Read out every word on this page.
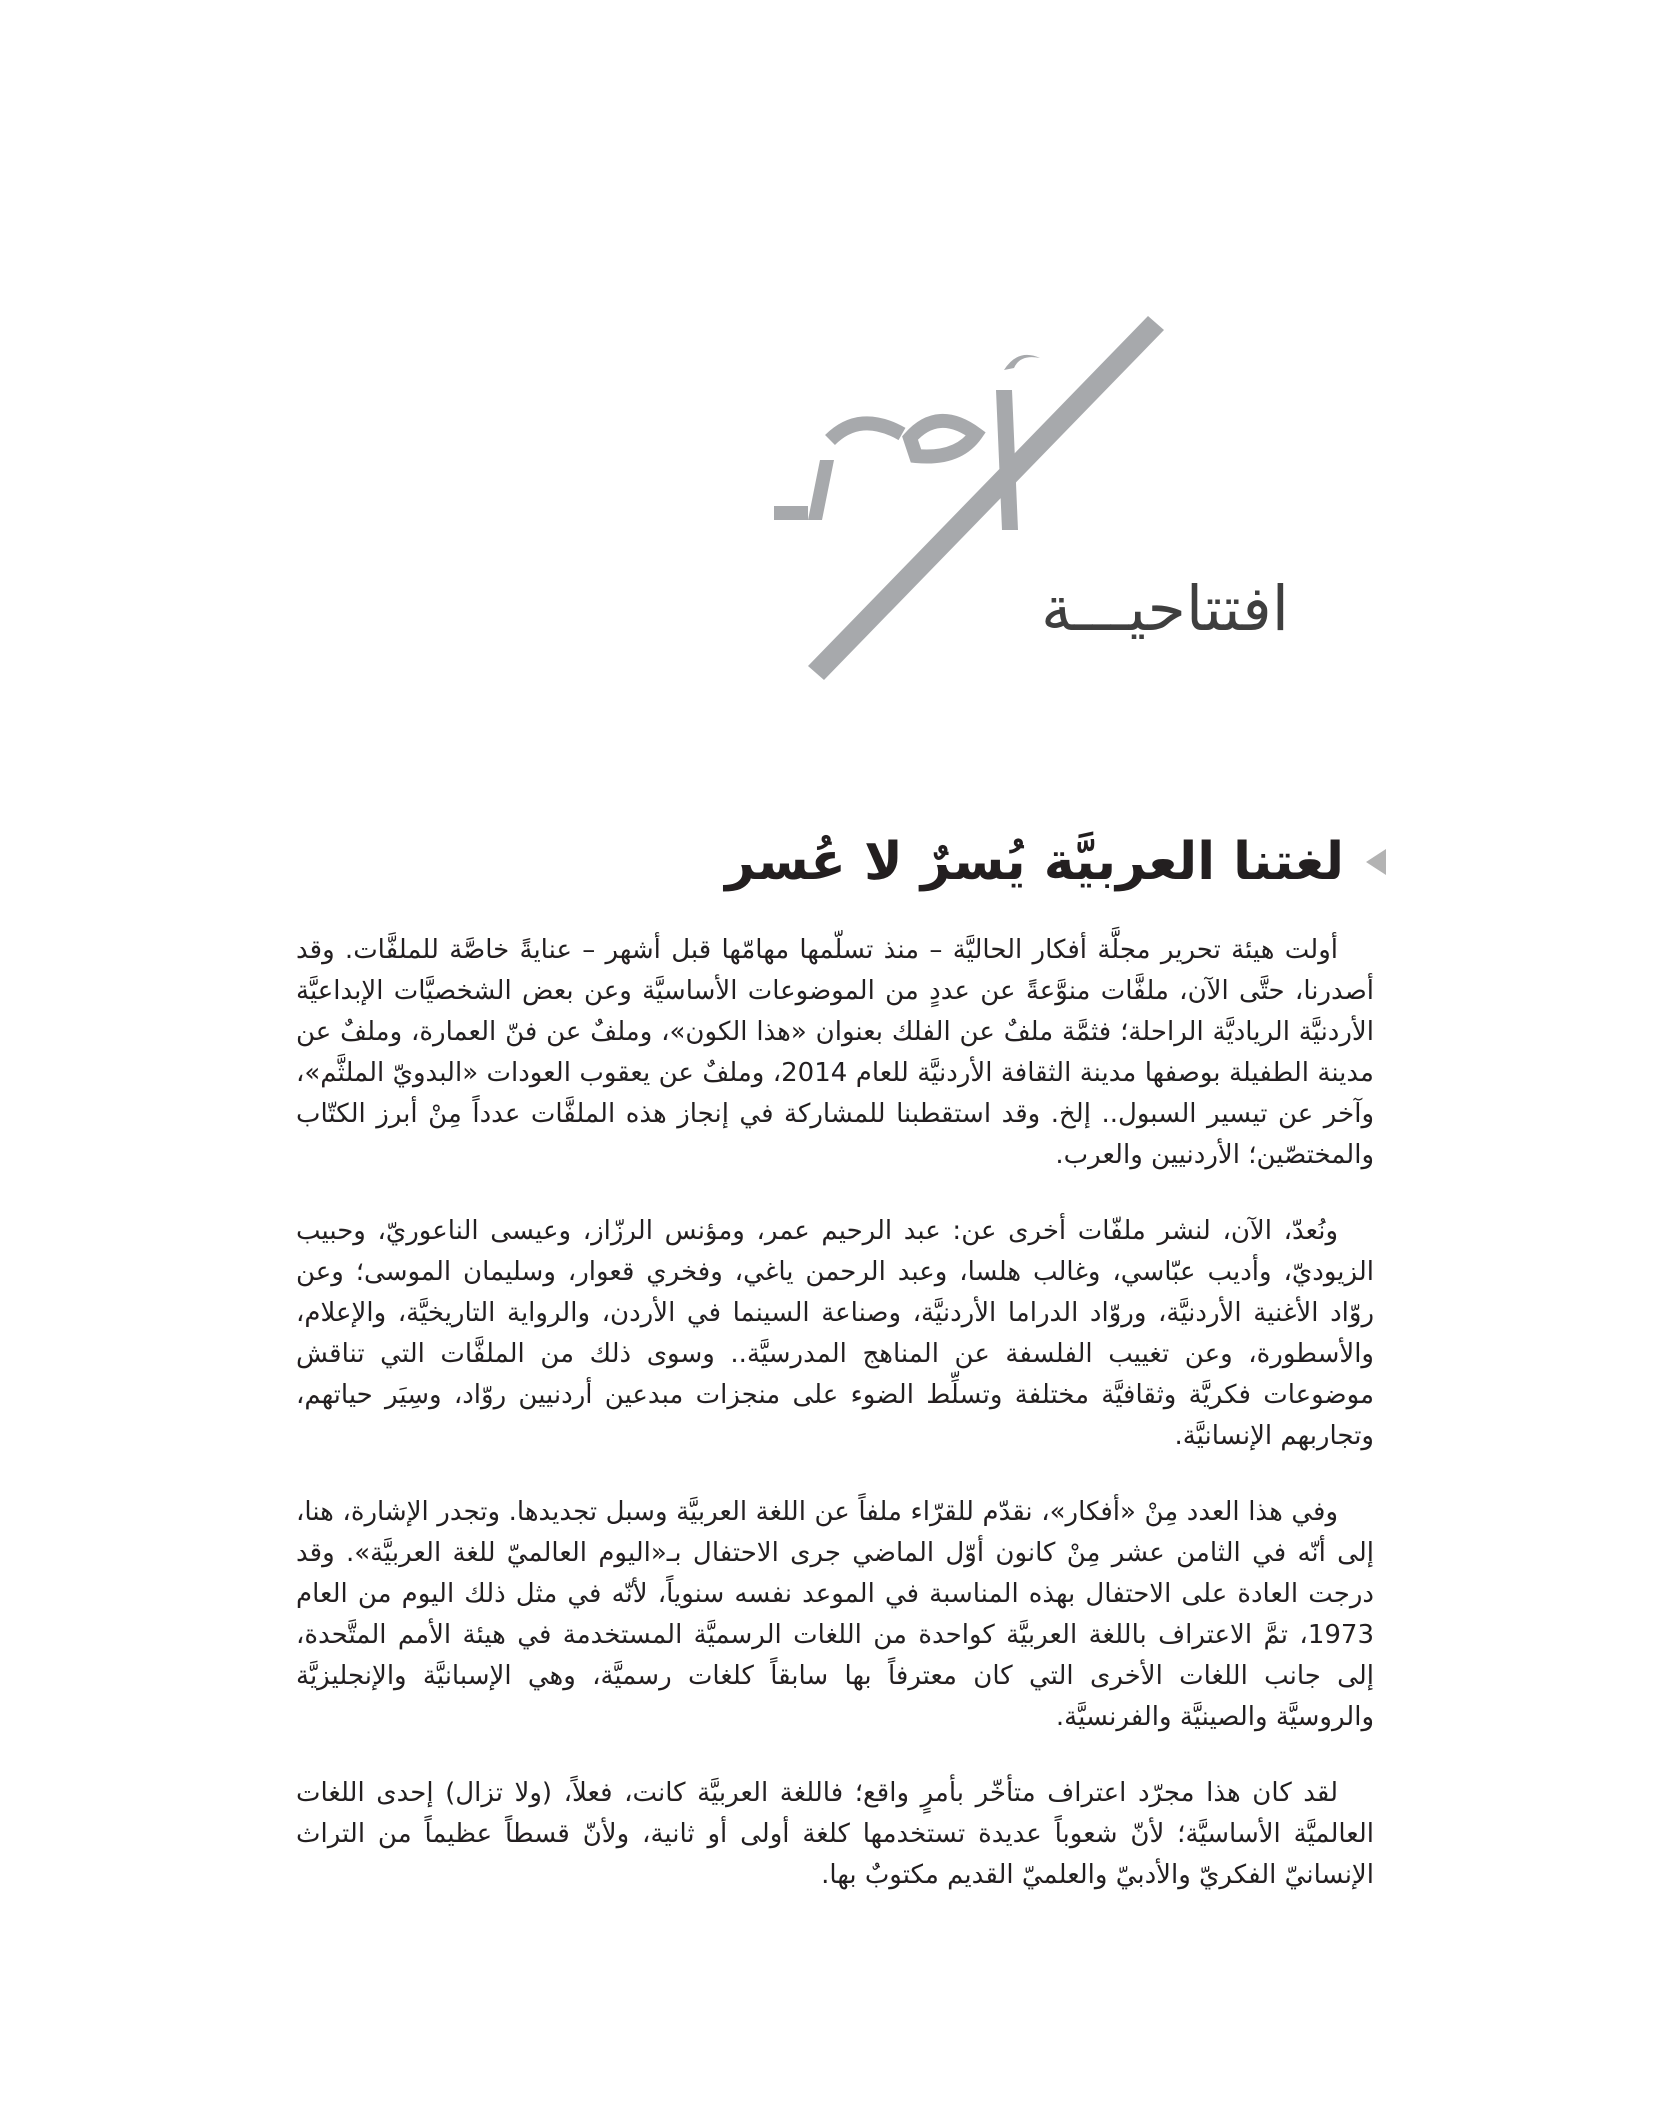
افتتاحيـــة
لغتنا العربيَّة يُسرٌ لا عُسر

أولت هيئة تحرير مجلَّة أفكار الحاليَّة – منذ تسلّمها مهامّها قبل أشهر – عنايةً خاصَّة للملفَّات. وقد أصدرنا، حتَّى الآن، ملفَّات منوَّعةً عن عددٍ من الموضوعات الأساسيَّة وعن بعض الشخصيَّات الإبداعيَّة الأردنيَّة الرياديَّة الراحلة؛ فثمَّة ملفٌ عن الفلك بعنوان «هذا الكون»، وملفٌ عن فنّ العمارة، وملفٌ عن مدينة الطفيلة بوصفها مدينة الثقافة الأردنيَّة للعام 2014، وملفٌ عن يعقوب العودات «البدويّ الملثَّم»، وآخر عن تيسير السبول.. إلخ. وقد استقطبنا للمشاركة في إنجاز هذه الملفَّات عدداً مِنْ أبرز الكتّاب والمختصّين؛ الأردنيين والعرب.

ونُعدّ، الآن، لنشر ملفّات أخرى عن: عبد الرحيم عمر، ومؤنس الرزّاز، وعيسى الناعوريّ، وحبيب الزيوديّ، وأديب عبّاسي، وغالب هلسا، وعبد الرحمن ياغي، وفخري قعوار، وسليمان الموسى؛ وعن روّاد الأغنية الأردنيَّة، وروّاد الدراما الأردنيَّة، وصناعة السينما في الأردن، والرواية التاريخيَّة، والإعلام، والأسطورة، وعن تغييب الفلسفة عن المناهج المدرسيَّة.. وسوى ذلك من الملفَّات التي تناقش موضوعات فكريَّة وثقافيَّة مختلفة وتسلِّط الضوء على منجزات مبدعين أردنيين روّاد، وسِيَر حياتهم، وتجاربهم الإنسانيَّة.

وفي هذا العدد مِنْ «أفكار»، نقدّم للقرّاء ملفاً عن اللغة العربيَّة وسبل تجديدها. وتجدر الإشارة، هنا، إلى أنّه في الثامن عشر مِنْ كانون أوّل الماضي جرى الاحتفال بـ«اليوم العالميّ للغة العربيَّة». وقد درجت العادة على الاحتفال بهذه المناسبة في الموعد نفسه سنوياً، لأنّه في مثل ذلك اليوم من العام 1973، تمَّ الاعتراف باللغة العربيَّة كواحدة من اللغات الرسميَّة المستخدمة في هيئة الأمم المتَّحدة، إلى جانب اللغات الأخرى التي كان معترفاً بها سابقاً كلغات رسميَّة، وهي الإسبانيَّة والإنجليزيَّة والروسيَّة والصينيَّة والفرنسيَّة.

لقد كان هذا مجرّد اعتراف متأخّر بأمرٍ واقع؛ فاللغة العربيَّة كانت، فعلاً، (ولا تزال) إحدى اللغات العالميَّة الأساسيَّة؛ لأنّ شعوباً عديدة تستخدمها كلغة أولى أو ثانية، ولأنّ قسطاً عظيماً من التراث الإنسانيّ الفكريّ والأدبيّ والعلميّ القديم مكتوبٌ بها.
